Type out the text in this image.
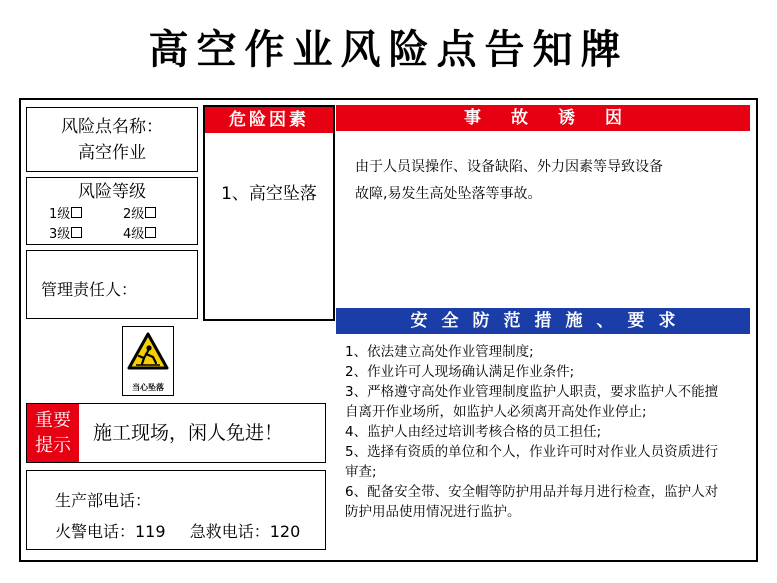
高空作业风险点告知牌
风险点名称：
高空作业
风险等级
1级	2级
3级	4级
管理责任人：
当心坠落
重要
提示
施工现场，闲人免进！
生产部电话：
火警电话：119 急救电话：120
危险因素
1、高空坠落
事故诱因
由于人员误操作、设备缺陷、外力因素等导致设备
故障,易发生高处坠落等事故。
安全防范措施、要求
1、依法建立高处作业管理制度;
2、作业许可人现场确认满足作业条件;
3、严格遵守高处作业管理制度监护人职责，要求监护人不能擅自离开作业场所，如监护人必须离开高处作业停止;
4、监护人由经过培训考核合格的员工担任;
5、选择有资质的单位和个人，作业许可时对作业人员资质进行审查;
6、配备安全带、安全帽等防护用品并每月进行检查，监护人对防护用品使用情况进行监护。
